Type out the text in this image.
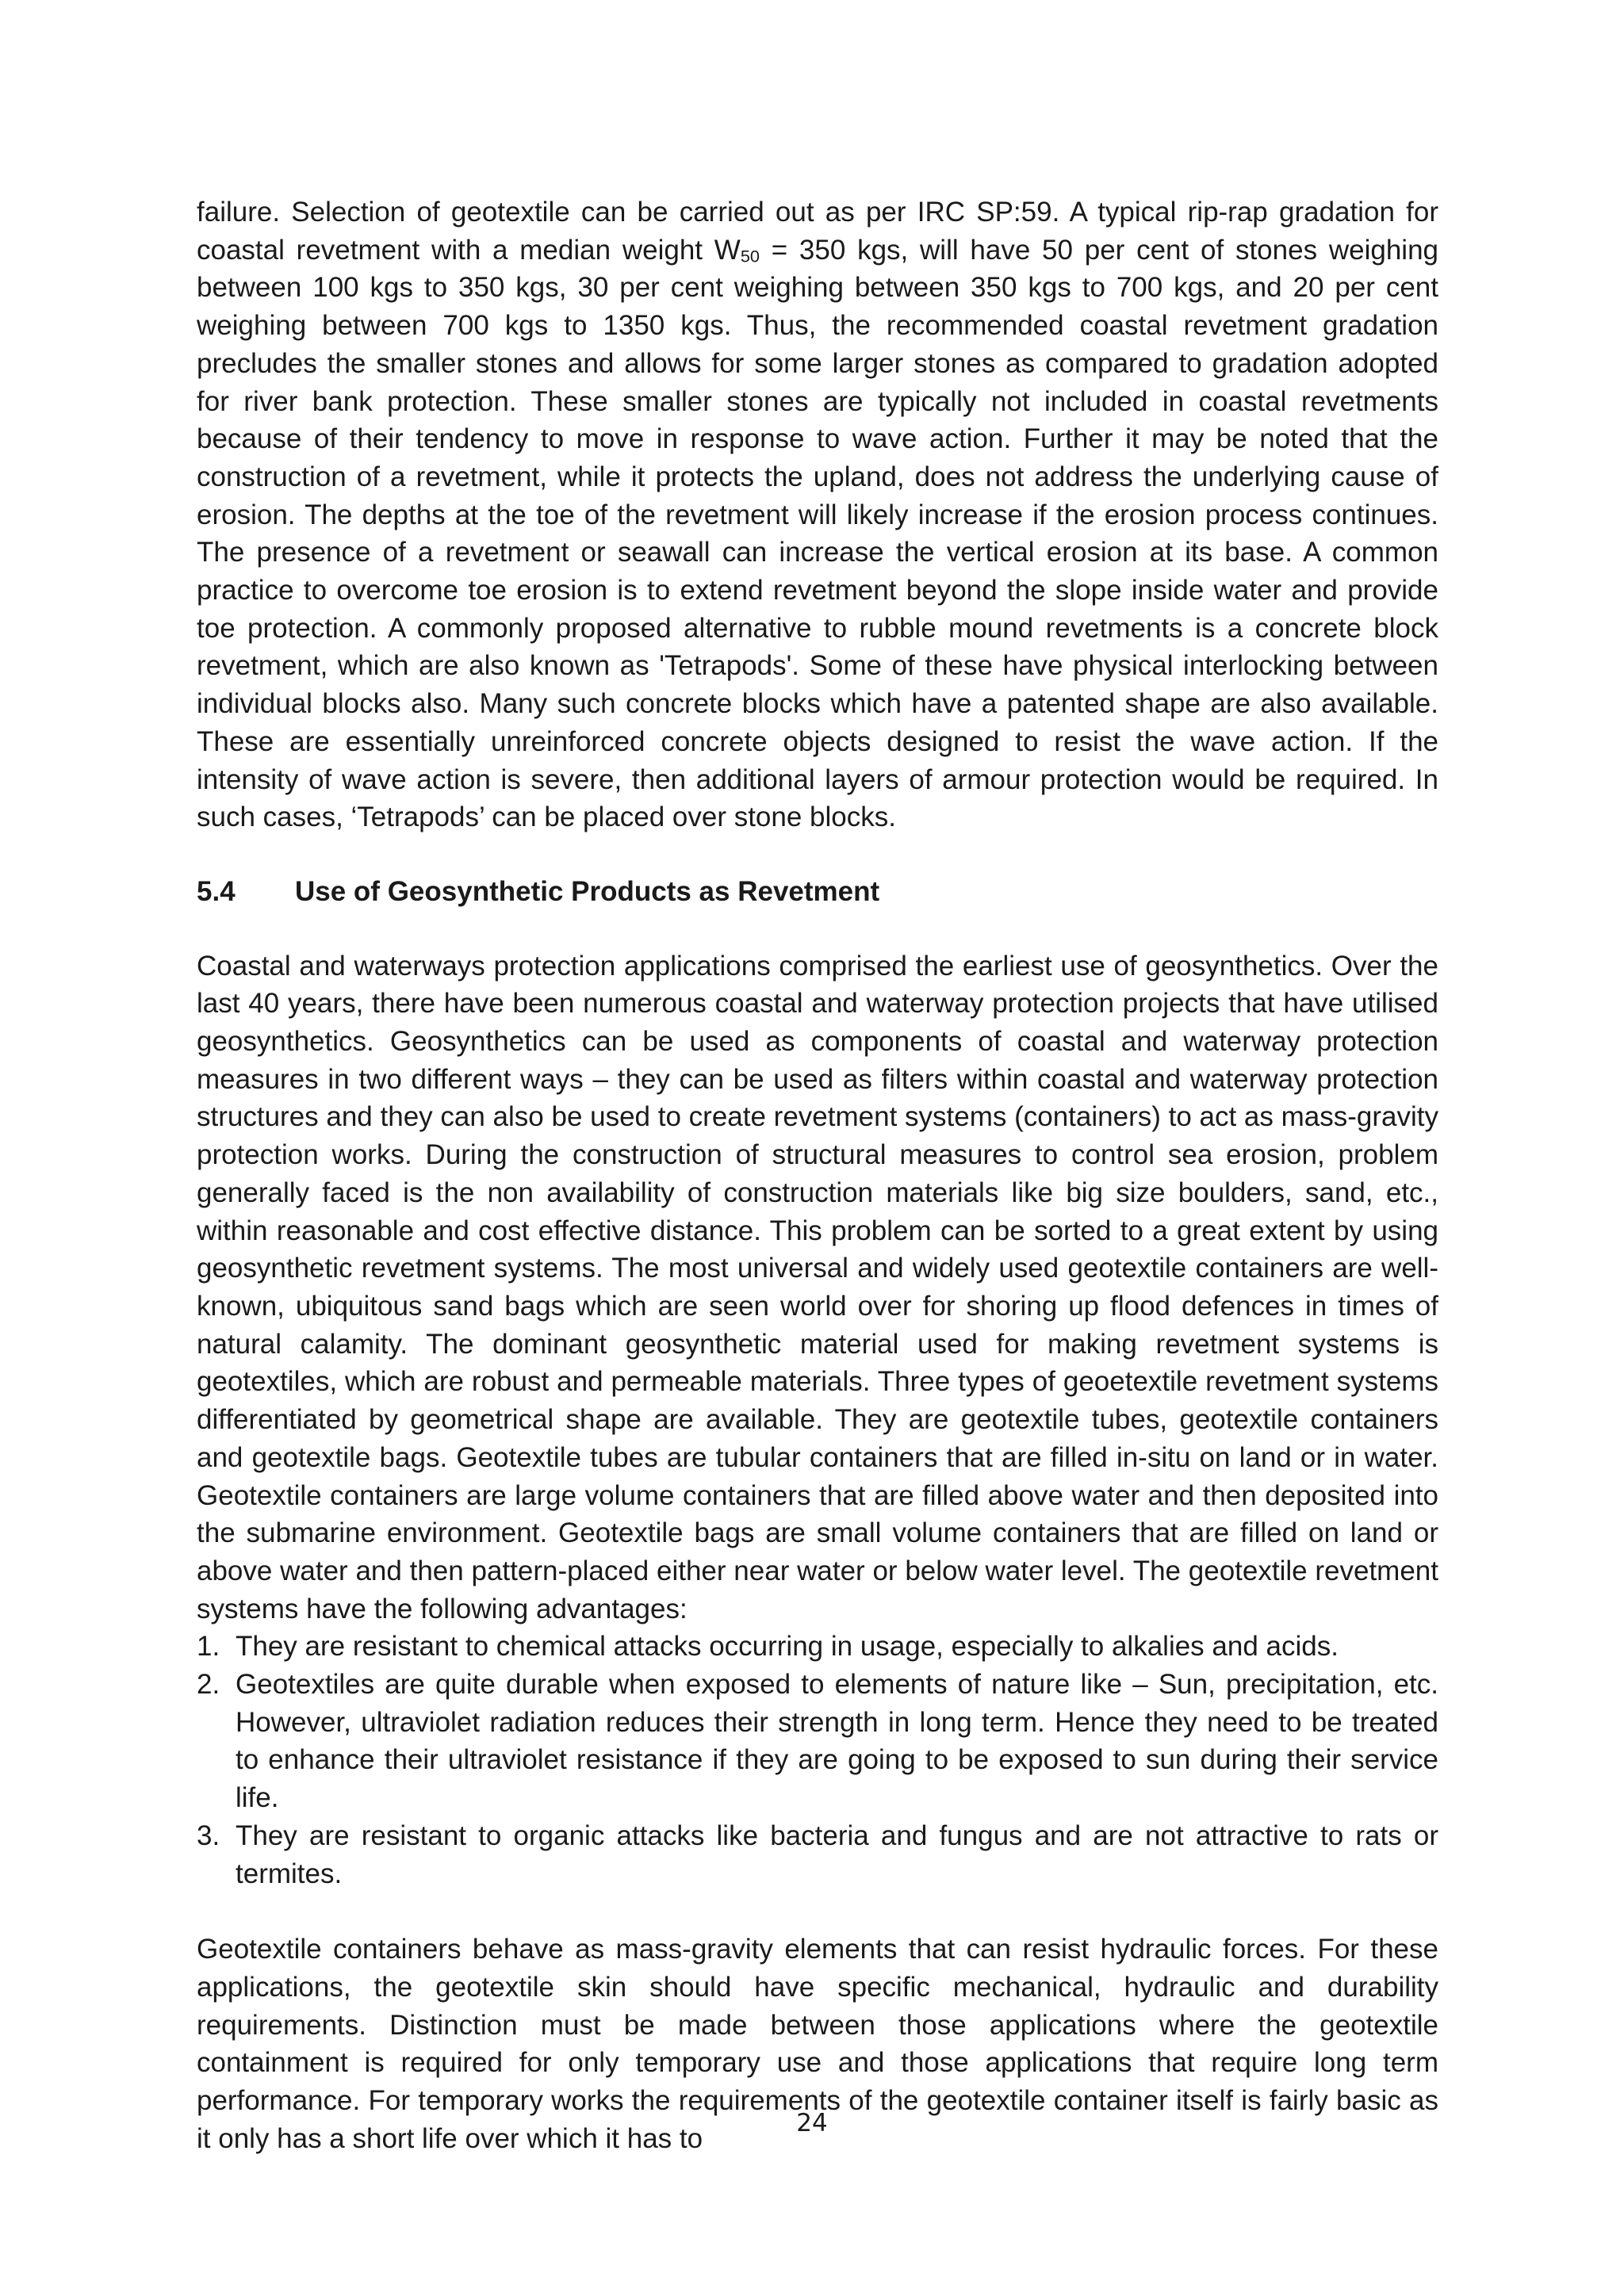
failure. Selection of geotextile can be carried out as per IRC SP:59. A typical rip-rap gradation for coastal revetment with a median weight $W_{50} = 350$ kgs, will have 50 per cent of stones weighing between 100 kgs to 350 kgs, 30 per cent weighing between 350 kgs to 700 kgs, and 20 per cent weighing between 700 kgs to 1350 kgs. Thus, the recommended coastal revetment gradation precludes the smaller stones and allows for some larger stones as compared to gradation adopted for river bank protection. These smaller stones are typically not included in coastal revetments because of their tendency to move in response to wave action. Further it may be noted that the construction of a revetment, while it protects the upland, does not address the underlying cause of erosion. The depths at the toe of the revetment will likely increase if the erosion process continues. The presence of a revetment or seawall can increase the vertical erosion at its base. A common practice to overcome toe erosion is to extend revetment beyond the slope inside water and provide toe protection. A commonly proposed alternative to rubble mound revetments is a concrete block revetment, which are also known as 'Tetrapods'. Some of these have physical interlocking between individual blocks also. Many such concrete blocks which have a patented shape are also available. These are essentially unreinforced concrete objects designed to resist the wave action. If the intensity of wave action is severe, then additional layers of armour protection would be required. In such cases, ‘Tetrapods’ can be placed over stone blocks.

5.4	Use of Geosynthetic Products as Revetment

Coastal and waterways protection applications comprised the earliest use of geosynthetics. Over the last 40 years, there have been numerous coastal and waterway protection projects that have utilised geosynthetics. Geosynthetics can be used as components of coastal and waterway protection measures in two different ways – they can be used as filters within coastal and waterway protection structures and they can also be used to create revetment systems (containers) to act as mass-gravity protection works. During the construction of structural measures to control sea erosion, problem generally faced is the non availability of construction materials like big size boulders, sand, etc., within reasonable and cost effective distance. This problem can be sorted to a great extent by using geosynthetic revetment systems. The most universal and widely used geotextile containers are well-known, ubiquitous sand bags which are seen world over for shoring up flood defences in times of natural calamity. The dominant geosynthetic material used for making revetment systems is geotextiles, which are robust and permeable materials. Three types of geoetextile revetment systems differentiated by geometrical shape are available. They are geotextile tubes, geotextile containers and geotextile bags. Geotextile tubes are tubular containers that are filled in-situ on land or in water. Geotextile containers are large volume containers that are filled above water and then deposited into the submarine environment. Geotextile bags are small volume containers that are filled on land or above water and then pattern-placed either near water or below water level. The geotextile revetment systems have the following advantages:

1. They are resistant to chemical attacks occurring in usage, especially to alkalies and acids.
2. Geotextiles are quite durable when exposed to elements of nature like – Sun, precipitation, etc. However, ultraviolet radiation reduces their strength in long term. Hence they need to be treated to enhance their ultraviolet resistance if they are going to be exposed to sun during their service life.
3. They are resistant to organic attacks like bacteria and fungus and are not attractive to rats or termites.

Geotextile containers behave as mass-gravity elements that can resist hydraulic forces. For these applications, the geotextile skin should have specific mechanical, hydraulic and durability requirements. Distinction must be made between those applications where the geotextile containment is required for only temporary use and those applications that require long term performance. For temporary works the requirements of the geotextile container itself is fairly basic as it only has a short life over which it has to	24
